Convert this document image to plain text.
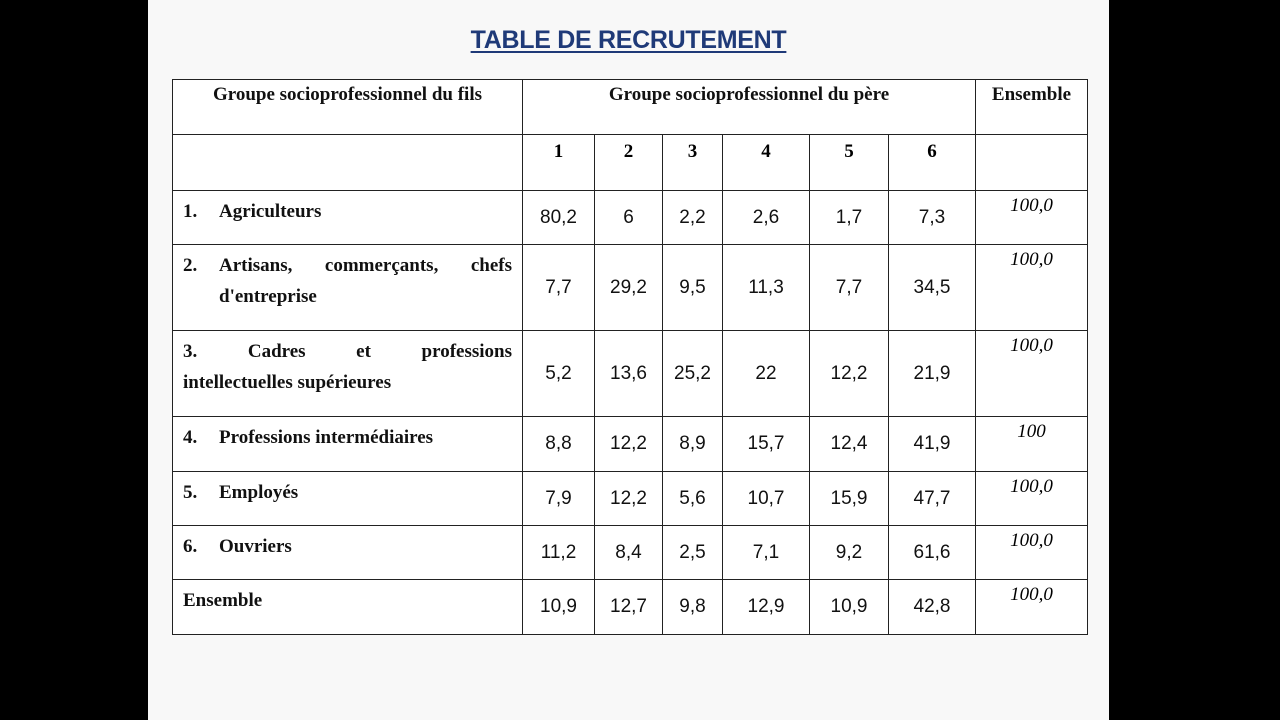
TABLE DE RECRUTEMENT
Groupe socioprofessionnel du fils	Groupe socioprofessionnel du père						Ensemble
	1	2	3	4	5	6	
1. Agriculteurs	80,2	6	2,2	2,6	1,7	7,3	100,0

2. Artisans, commerçants, chefs
d'entreprise	7,7	29,2	9,5	11,3	7,7	34,5	100,0

3. Cadres et professions
intellectuelles supérieures	5,2	13,6	25,2	22	12,2	21,9	100,0
4. Professions intermédiaires	8,8	12,2	8,9	15,7	12,4	41,9	100
5. Employés	7,9	12,2	5,6	10,7	15,9	47,7	100,0
6. Ouvriers	11,2	8,4	2,5	7,1	9,2	61,6	100,0
Ensemble	10,9	12,7	9,8	12,9	10,9	42,8	100,0
